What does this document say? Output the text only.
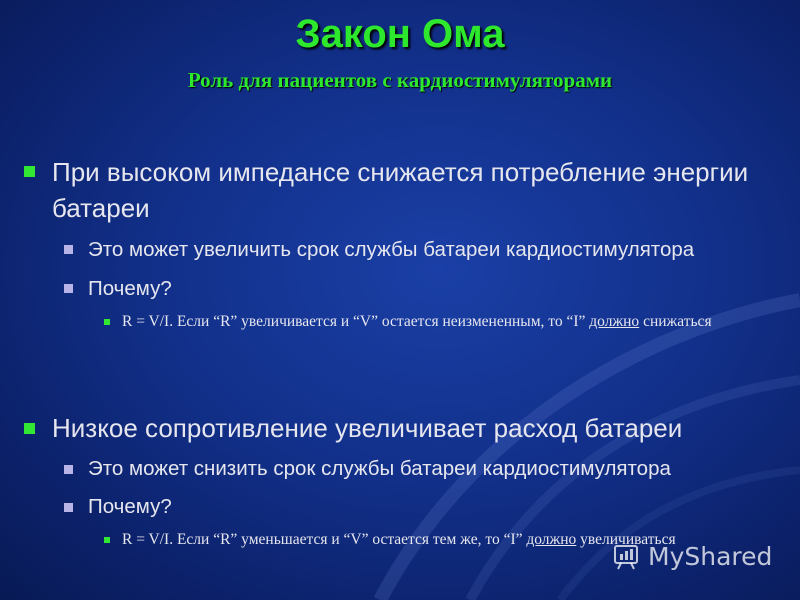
Закон Ома
Роль для пациентов с кардиостимуляторами
При высоком импедансе снижается потребление энергии батареи
Это может увеличить срок службы батареи кардиостимулятора
Почему?
R = V/I. Если “R” увеличивается и “V” остается неизмененным, то “I” должно снижаться
Низкое сопротивление увеличивает расход батареи
Это может снизить срок службы батареи кардиостимулятора
Почему?
R = V/I. Если “R” уменьшается и “V” остается тем же, то “I” должно увеличиваться
MyShared
